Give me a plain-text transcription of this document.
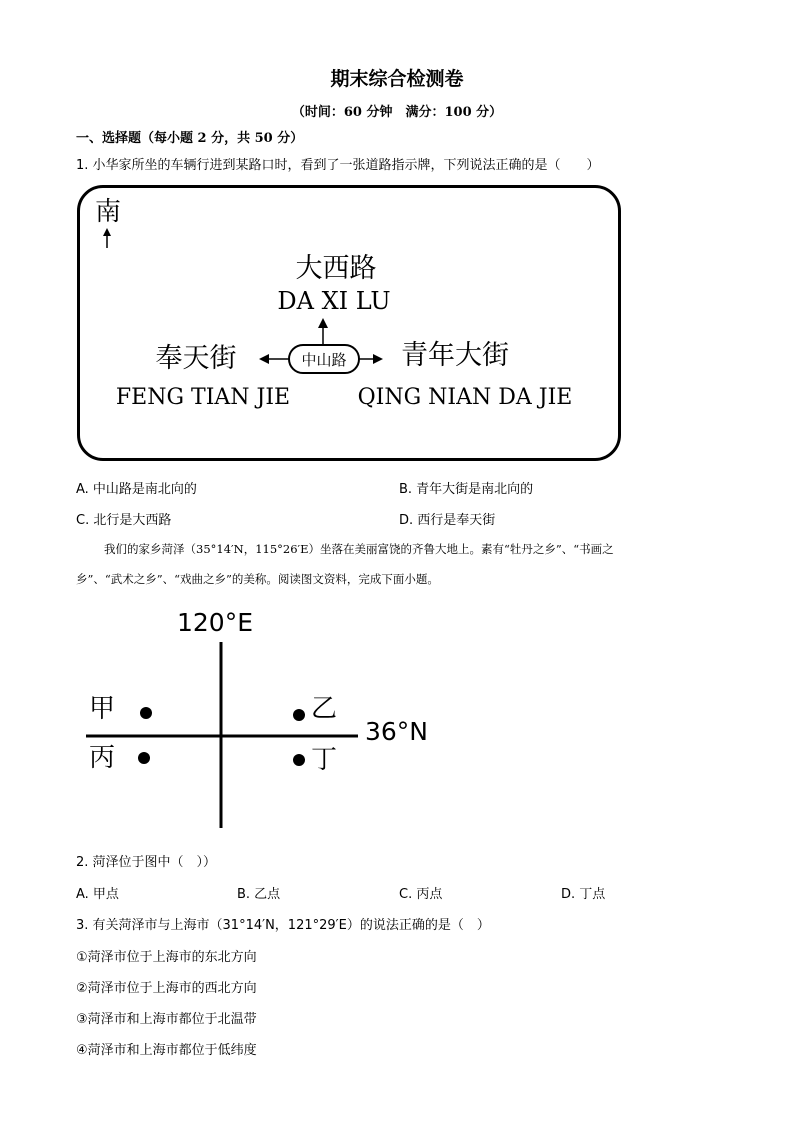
期末综合检测卷
（时间：60 分钟　满分：100 分）
一、选择题（每小题 2 分，共 50 分）
1. 小华家所坐的车辆行进到某路口时，看到了一张道路指示牌，下列说法正确的是（　　）
南
大西路
DA XI LU
中山路
奉天街
FENG TIAN JIE
青年大街
QING NIAN DA JIE
A. 中山路是南北向的	B. 青年大街是南北向的
C. 北行是大西路	D. 西行是奉天街
我们的家乡菏泽（35°14′N，115°26′E）坐落在美丽富饶的齐鲁大地上。素有“牡丹之乡”、“书画之
乡”、“武术之乡”、“戏曲之乡”的美称。阅读图文资料，完成下面小题。
120°E
36°N
甲
丙
乙
丁
2. 菏泽位于图中（　））
A. 甲点	B. 乙点	C. 丙点	D. 丁点
3. 有关菏泽市与上海市（31°14′N，121°29′E）的说法正确的是（　）
①菏泽市位于上海市的东北方向
②菏泽市位于上海市的西北方向
③菏泽市和上海市都位于北温带
④菏泽市和上海市都位于低纬度
